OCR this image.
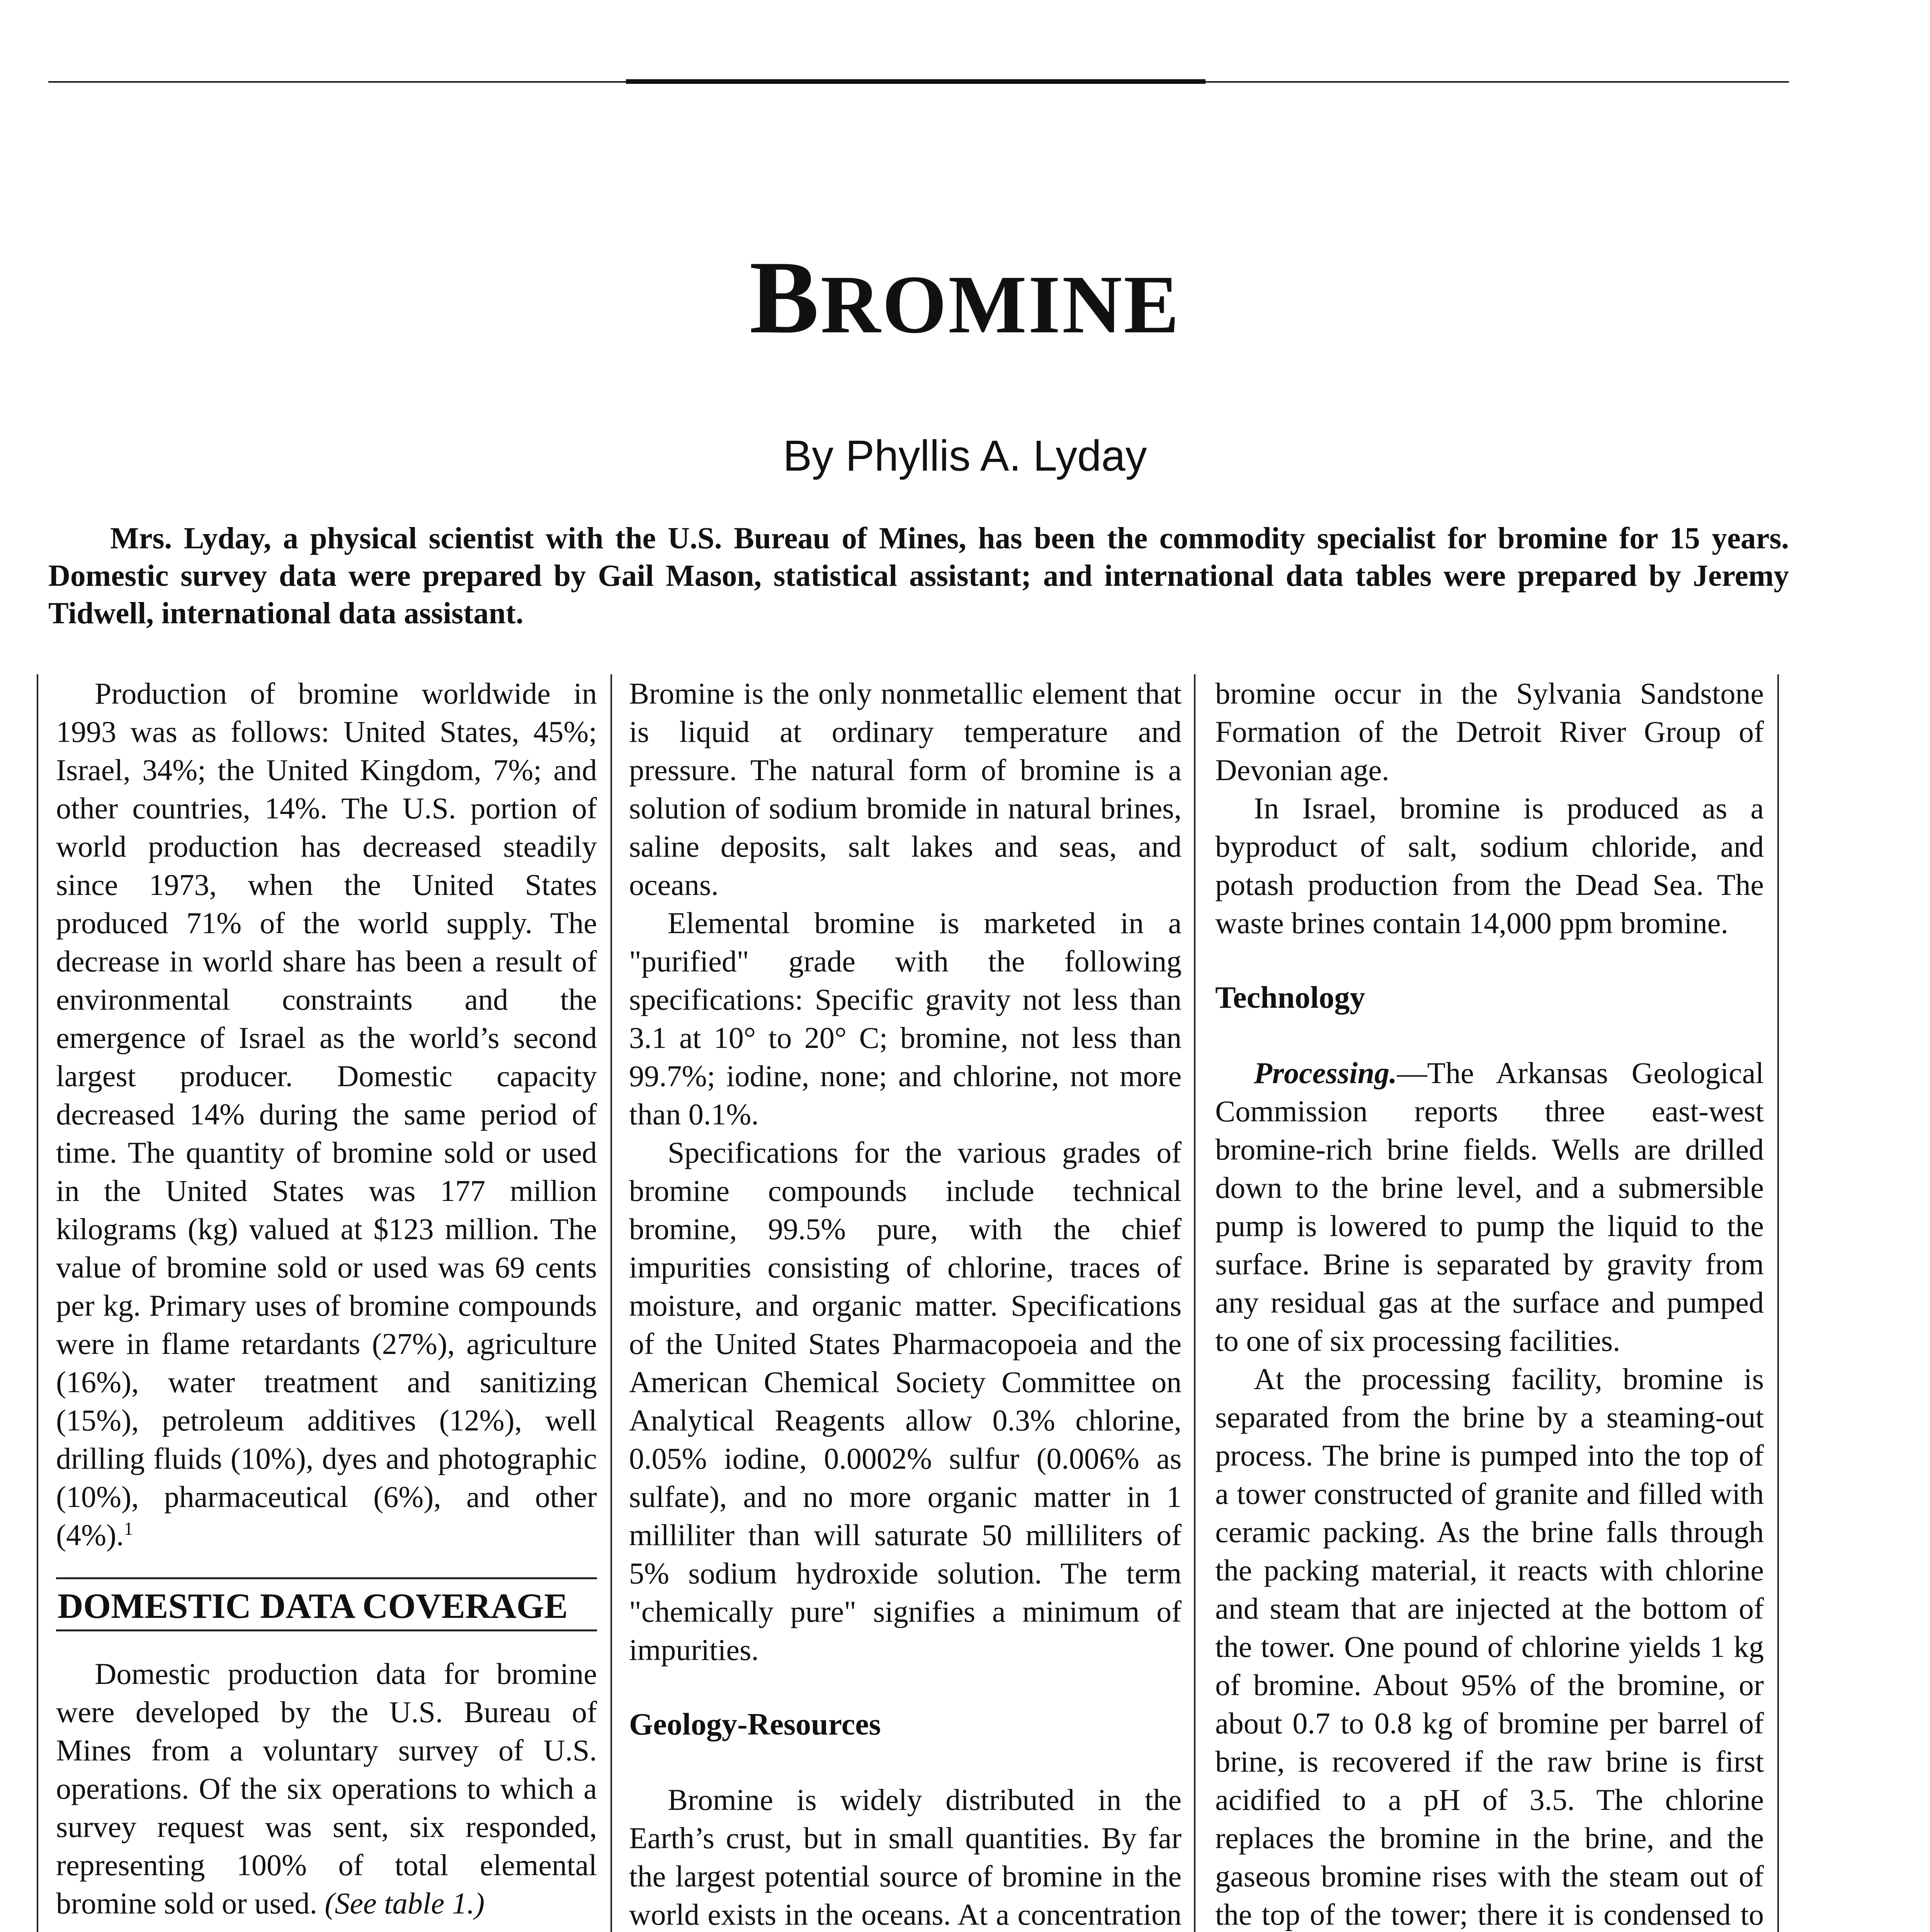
BROMINE
By Phyllis A. Lyday
Mrs. Lyday, a physical scientist with the U.S. Bureau of Mines, has been the commodity specialist for bromine for 15 years. Domestic survey data were prepared by Gail Mason, statistical assistant; and international data tables were prepared by Jeremy Tidwell, international data assistant.

Production of bromine worldwide in 1993 was as follows: United States, 45%; Israel, 34%; the United Kingdom, 7%; and other countries, 14%. The U.S. portion of world production has decreased steadily since 1973, when the United States produced 71% of the world supply. The decrease in world share has been a result of environmental constraints and the emergence of Israel as the world’s second largest producer. Domestic capacity decreased 14% during the same period of time. The quantity of bromine sold or used in the United States was 177 million kilograms (kg) valued at $123 million. The value of bromine sold or used was 69 cents per kg. Primary uses of bromine compounds were in flame retardants (27%), agriculture (16%), water treatment and sanitizing (15%), petroleum additives (12%), well drilling fluids (10%), dyes and photographic (10%), pharmaceutical (6%), and other (4%).$^1$

DOMESTIC DATA COVERAGE

Domestic production data for bromine were developed by the U.S. Bureau of Mines from a voluntary survey of U.S. operations. Of the six operations to which a survey request was sent, six responded, representing 100% of total elemental bromine sold or used. (See table 1.)

Bromine is the only nonmetallic element that is liquid at ordinary temperature and pressure. The natural form of bromine is a solution of sodium bromide in natural brines, saline deposits, salt lakes and seas, and oceans.

Elemental bromine is marketed in a "purified" grade with the following specifications: Specific gravity not less than 3.1 at 10° to 20° C; bromine, not less than 99.7%; iodine, none; and chlorine, not more than 0.1%.

Specifications for the various grades of bromine compounds include technical bromine, 99.5% pure, with the chief impurities consisting of chlorine, traces of moisture, and organic matter. Specifications of the United States Pharmacopoeia and the American Chemical Society Committee on Analytical Reagents allow 0.3% chlorine, 0.05% iodine, 0.0002% sulfur (0.006% as sulfate), and no more organic matter in 1 milliliter than will saturate 50 milliliters of 5% sodium hydroxide solution. The term "chemically pure" signifies a minimum of impurities.

Geology-Resources

Bromine is widely distributed in the Earth’s crust, but in small quantities. By far the largest potential source of bromine in the world exists in the oceans. At a concentration

bromine occur in the Sylvania Sandstone Formation of the Detroit River Group of Devonian age.

In Israel, bromine is produced as a byproduct of salt, sodium chloride, and potash production from the Dead Sea. The waste brines contain 14,000 ppm bromine.

Technology

Processing.—The Arkansas Geological Commission reports three east-west bromine-rich brine fields. Wells are drilled down to the brine level, and a submersible pump is lowered to pump the liquid to the surface. Brine is separated by gravity from any residual gas at the surface and pumped to one of six processing facilities.

At the processing facility, bromine is separated from the brine by a steaming-out process. The brine is pumped into the top of a tower constructed of granite and filled with ceramic packing. As the brine falls through the packing material, it reacts with chlorine and steam that are injected at the bottom of the tower. One pound of chlorine yields 1 kg of bromine. About 95% of the bromine, or about 0.7 to 0.8 kg of bromine per barrel of brine, is recovered if the raw brine is first acidified to a pH of 3.5. The chlorine replaces the bromine in the brine, and the gaseous bromine rises with the steam out of the top of the tower; there it is condensed to
